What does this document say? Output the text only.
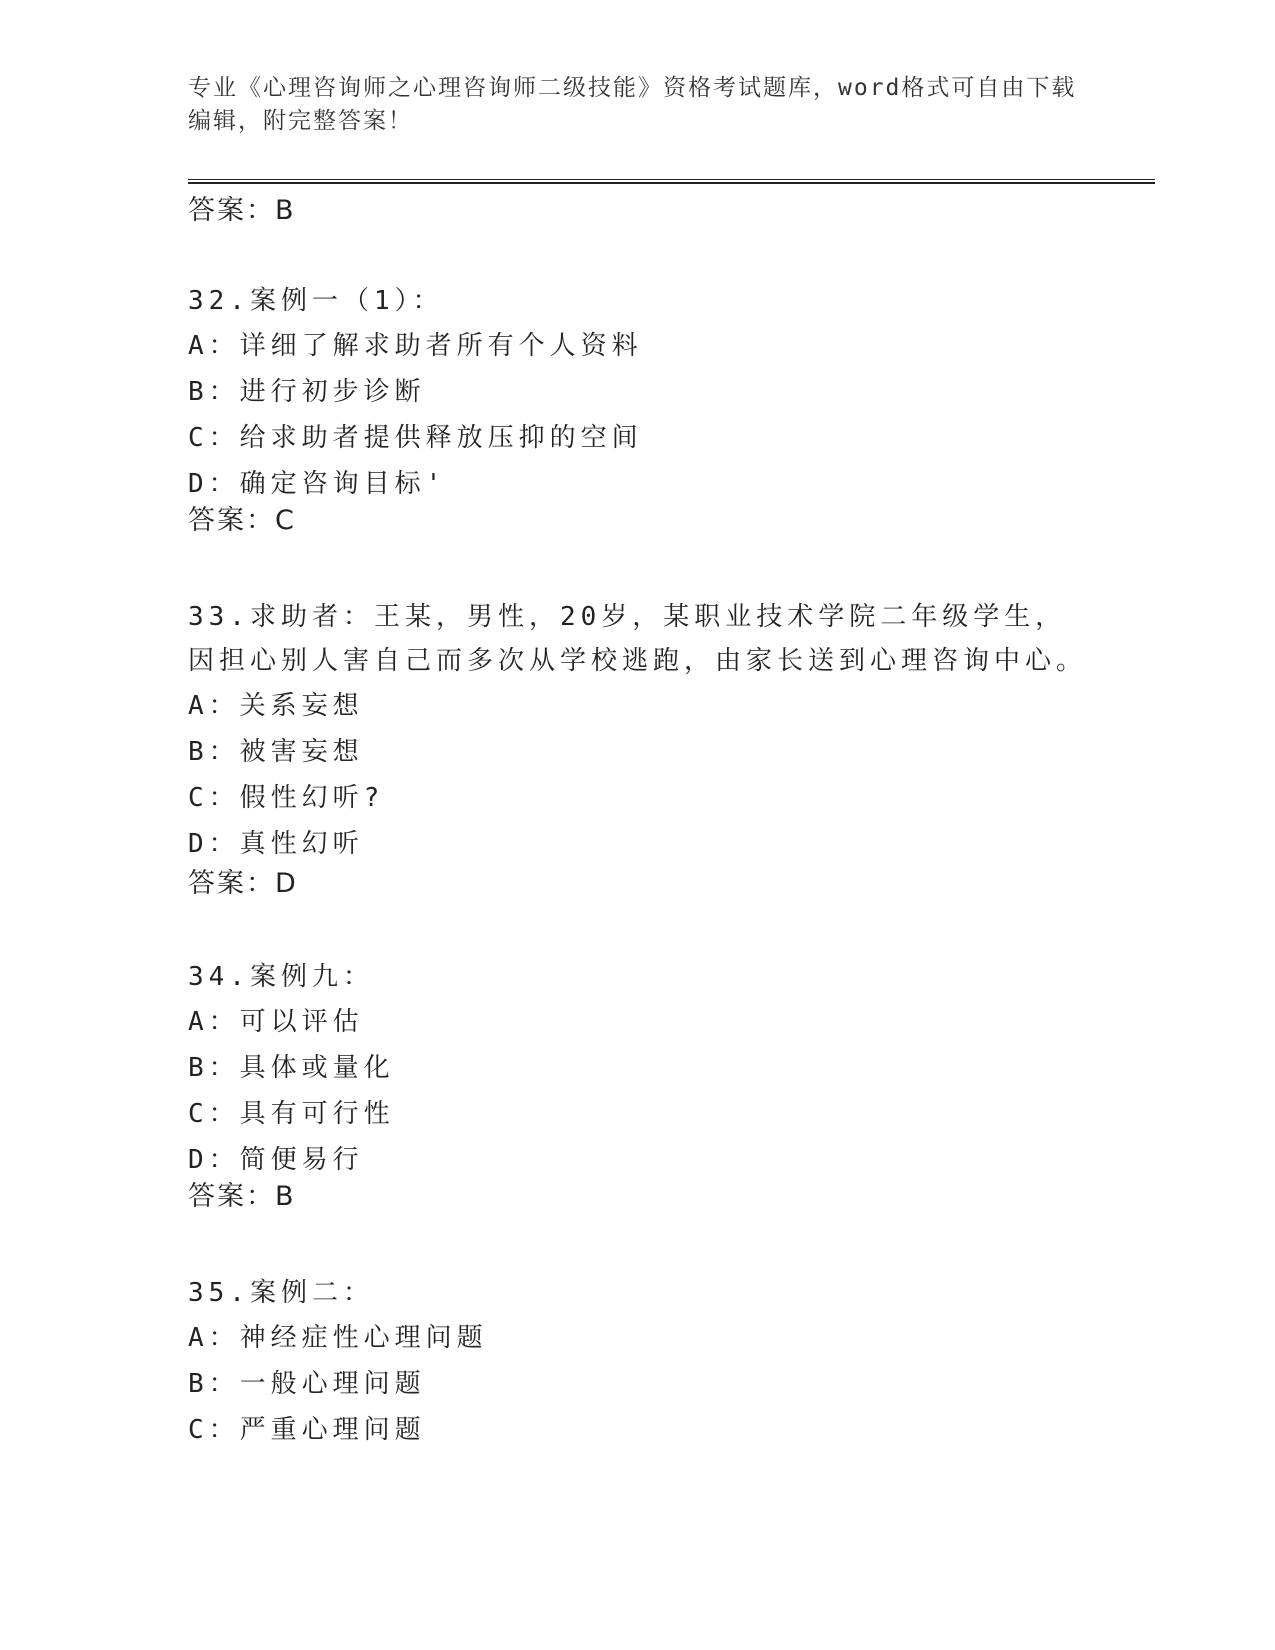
专业《心理咨询师之心理咨询师二级技能》资格考试题库，word格式可自由下载编辑，附完整答案！
答案：B
32.案例一（1）：
A：详细了解求助者所有个人资料
B：进行初步诊断
C：给求助者提供释放压抑的空间
D：确定咨询目标'
答案：C
33.求助者：王某，男性，20岁，某职业技术学院二年级学生，因担心别人害自己而多次从学校逃跑，由家长送到心理咨询中心。
A：关系妄想
B：被害妄想
C：假性幻听?
D：真性幻听
答案：D
34.案例九：
A：可以评估
B：具体或量化
C：具有可行性
D：简便易行
答案：B
35.案例二：
A：神经症性心理问题
B：一般心理问题
C：严重心理问题
